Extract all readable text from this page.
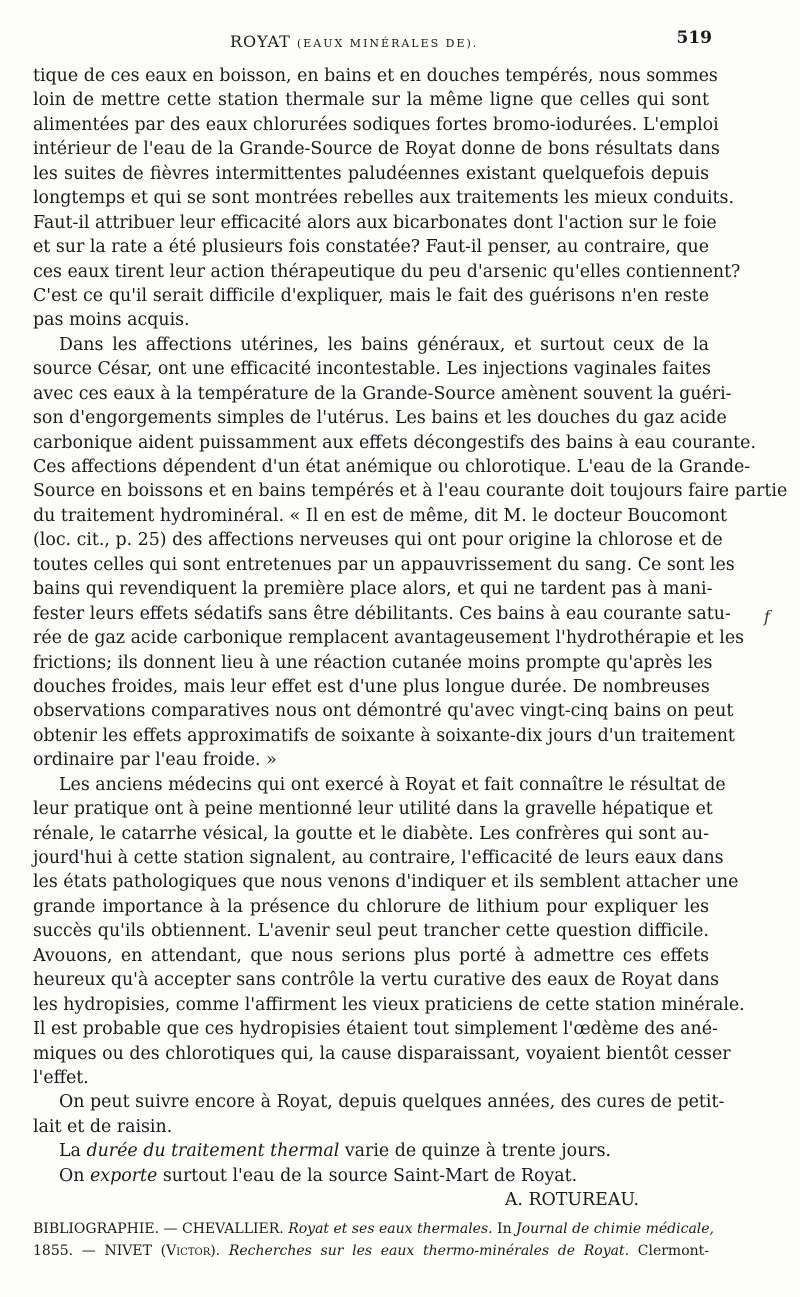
ROYAT (EAUX MINÉRALES DE).	519
tique de ces eaux en boisson, en bains et en douches tempérés, nous sommes
loin de mettre cette station thermale sur la même ligne que celles qui sont
alimentées par des eaux chlorurées sodiques fortes bromo-iodurées. L'emploi
intérieur de l'eau de la Grande-Source de Royat donne de bons résultats dans
les suites de fièvres intermittentes paludéennes existant quelquefois depuis
longtemps et qui se sont montrées rebelles aux traitements les mieux conduits.
Faut-il attribuer leur efficacité alors aux bicarbonates dont l'action sur le foie
et sur la rate a été plusieurs fois constatée? Faut-il penser, au contraire, que
ces eaux tirent leur action thérapeutique du peu d'arsenic qu'elles contiennent?
C'est ce qu'il serait difficile d'expliquer, mais le fait des guérisons n'en reste
pas moins acquis.
Dans les affections utérines, les bains généraux, et surtout ceux de la
source César, ont une efficacité incontestable. Les injections vaginales faites
avec ces eaux à la température de la Grande-Source amènent souvent la guéri-
son d'engorgements simples de l'utérus. Les bains et les douches du gaz acide
carbonique aident puissamment aux effets décongestifs des bains à eau courante.
Ces affections dépendent d'un état anémique ou chlorotique. L'eau de la Grande-
Source en boissons et en bains tempérés et à l'eau courante doit toujours faire partie
du traitement hydrominéral. « Il en est de même, dit M. le docteur Boucomont
(loc. cit., p. 25) des affections nerveuses qui ont pour origine la chlorose et de
toutes celles qui sont entretenues par un appauvrissement du sang. Ce sont les
bains qui revendiquent la première place alors, et qui ne tardent pas à mani-
fester leurs effets sédatifs sans être débilitants. Ces bains à eau courante satu-
rée de gaz acide carbonique remplacent avantageusement l'hydrothérapie et les
frictions; ils donnent lieu à une réaction cutanée moins prompte qu'après les
douches froides, mais leur effet est d'une plus longue durée. De nombreuses
observations comparatives nous ont démontré qu'avec vingt-cinq bains on peut
obtenir les effets approximatifs de soixante à soixante-dix jours d'un traitement
ordinaire par l'eau froide. »
Les anciens médecins qui ont exercé à Royat et fait connaître le résultat de
leur pratique ont à peine mentionné leur utilité dans la gravelle hépatique et
rénale, le catarrhe vésical, la goutte et le diabète. Les confrères qui sont au-
jourd'hui à cette station signalent, au contraire, l'efficacité de leurs eaux dans
les états pathologiques que nous venons d'indiquer et ils semblent attacher une
grande importance à la présence du chlorure de lithium pour expliquer les
succès qu'ils obtiennent. L'avenir seul peut trancher cette question difficile.
Avouons, en attendant, que nous serions plus porté à admettre ces effets
heureux qu'à accepter sans contrôle la vertu curative des eaux de Royat dans
les hydropisies, comme l'affirment les vieux praticiens de cette station minérale.
Il est probable que ces hydropisies étaient tout simplement l'œdème des ané-
miques ou des chlorotiques qui, la cause disparaissant, voyaient bientôt cesser
l'effet.
On peut suivre encore à Royat, depuis quelques années, des cures de petit-
lait et de raisin.
La durée du traitement thermal varie de quinze à trente jours.
On exporte surtout l'eau de la source Saint-Mart de Royat.
A. ROTUREAU.
BIBLIOGRAPHIE. — CHEVALLIER. Royat et ses eaux thermales. In Journal de chimie médicale,
1855. — NIVET (Victor). Recherches sur les eaux thermo-minérales de Royat. Clermont-
f
